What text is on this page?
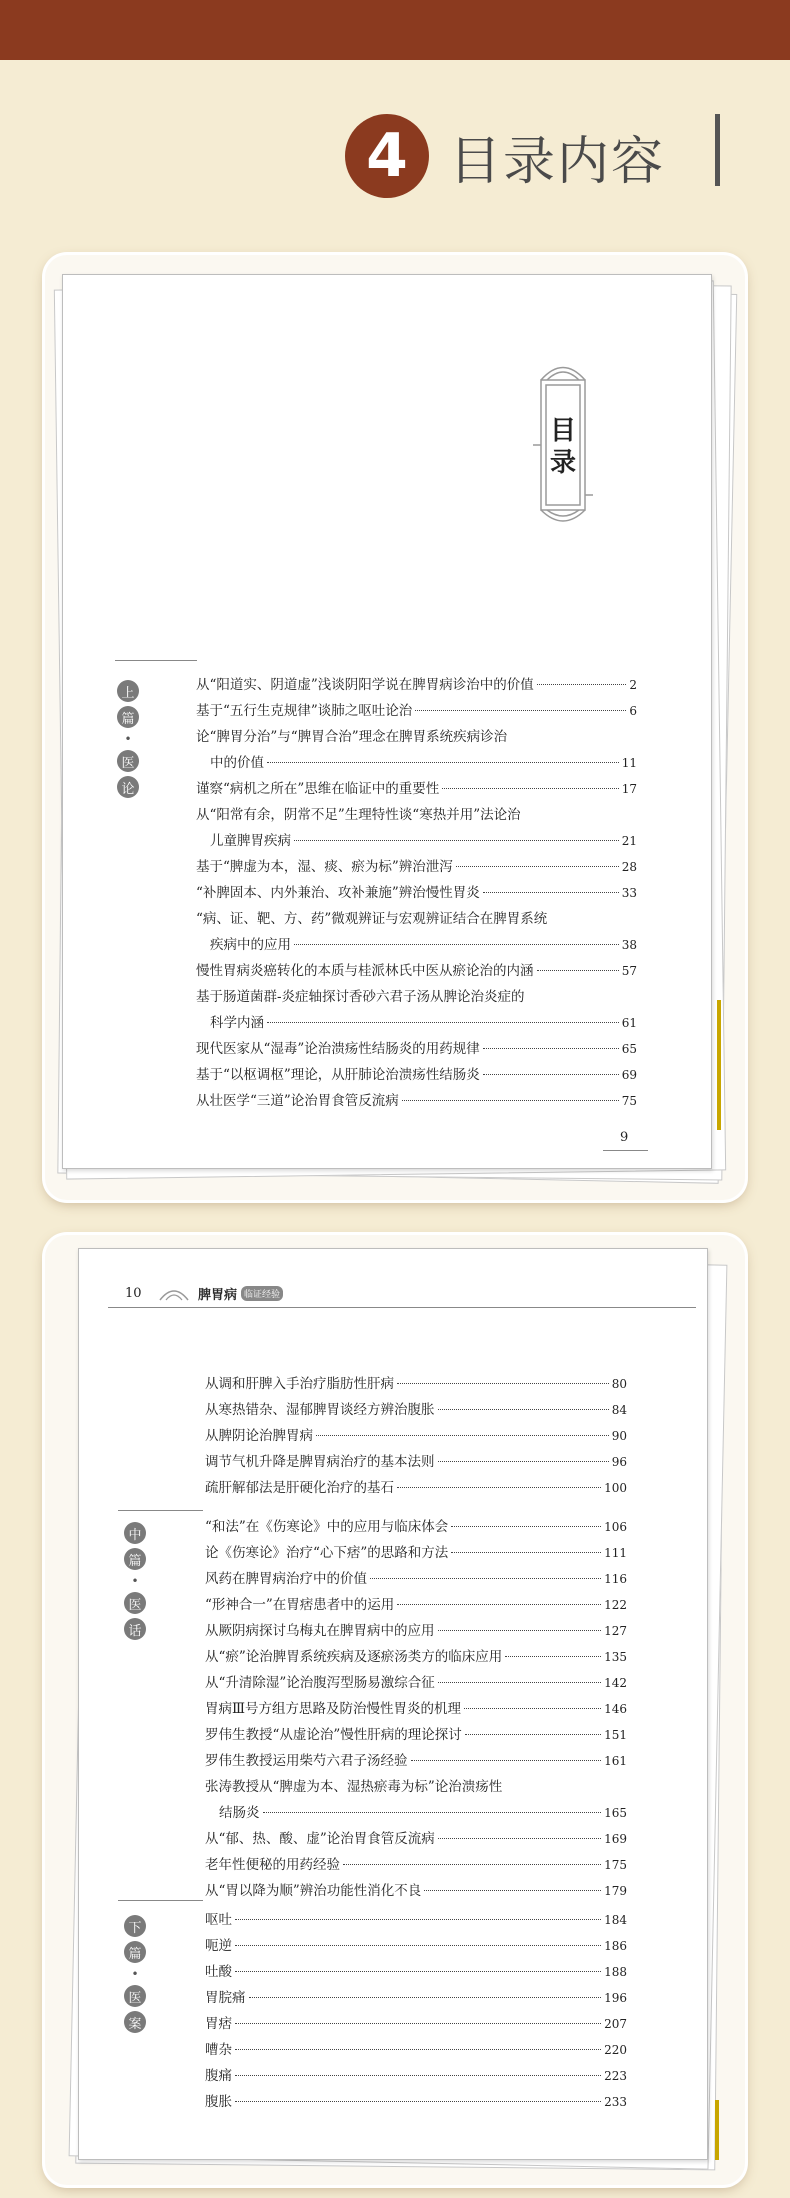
4 目录内容
目
录
上
篇
•
医
论
从“阳道实、阴道虚”浅谈阴阳学说在脾胃病诊治中的价值	2
基于“五行生克规律”谈肺之呕吐论治	6
论“脾胃分治”与“脾胃合治”理念在脾胃系统疾病诊治
中的价值	11
谨察“病机之所在”思维在临证中的重要性	17
从“阳常有余，阴常不足”生理特性谈“寒热并用”法论治
儿童脾胃疾病	21
基于“脾虚为本，湿、痰、瘀为标”辨治泄泻	28
“补脾固本、内外兼治、攻补兼施”辨治慢性胃炎	33
“病、证、靶、方、药”微观辨证与宏观辨证结合在脾胃系统
疾病中的应用	38
慢性胃病炎癌转化的本质与桂派林氏中医从瘀论治的内涵	57
基于肠道菌群-炎症轴探讨香砂六君子汤从脾论治炎症的
科学内涵	61
现代医家从“湿毒”论治溃疡性结肠炎的用药规律	65
基于“以枢调枢”理论，从肝肺论治溃疡性结肠炎	69
从壮医学“三道”论治胃食管反流病	75
9
10	脾胃病 临证经验
从调和肝脾入手治疗脂肪性肝病	80
从寒热错杂、湿郁脾胃谈经方辨治腹胀	84
从脾阴论治脾胃病	90
调节气机升降是脾胃病治疗的基本法则	96
疏肝解郁法是肝硬化治疗的基石	100
中
篇
•
医
话
“和法”在《伤寒论》中的应用与临床体会	106
论《伤寒论》治疗“心下痞”的思路和方法	111
风药在脾胃病治疗中的价值	116
“形神合一”在胃痞患者中的运用	122
从厥阴病探讨乌梅丸在脾胃病中的应用	127
从“瘀”论治脾胃系统疾病及逐瘀汤类方的临床应用	135
从“升清除湿”论治腹泻型肠易激综合征	142
胃病Ⅲ号方组方思路及防治慢性胃炎的机理	146
罗伟生教授“从虚论治”慢性肝病的理论探讨	151
罗伟生教授运用柴芍六君子汤经验	161
张涛教授从“脾虚为本、湿热瘀毒为标”论治溃疡性
结肠炎	165
从“郁、热、酸、虚”论治胃食管反流病	169
老年性便秘的用药经验	175
从“胃以降为顺”辨治功能性消化不良	179
下
篇
•
医
案
呕吐	184
呃逆	186
吐酸	188
胃脘痛	196
胃痞	207
嘈杂	220
腹痛	223
腹胀	233
